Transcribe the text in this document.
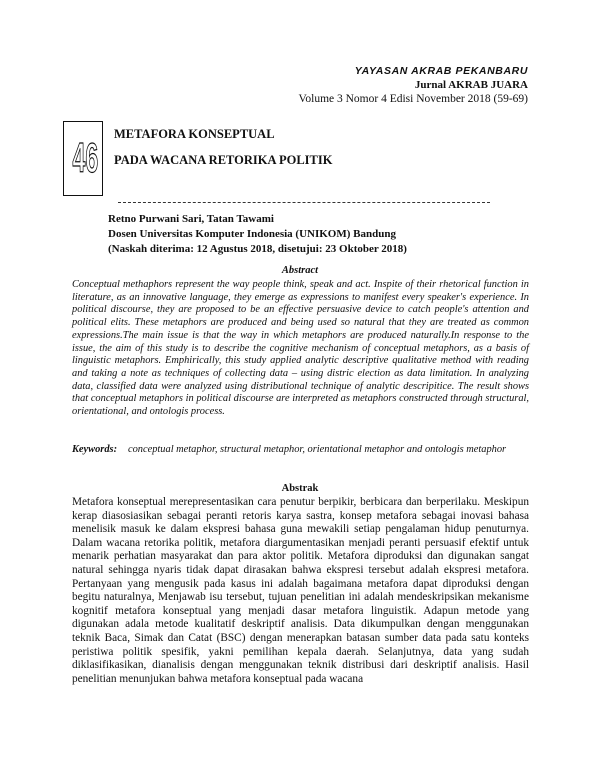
YAYASAN AKRAB PEKANBARU
Jurnal AKRAB JUARA
Volume 3 Nomor 4 Edisi November 2018 (59-69)
46 METAFORA KONSEPTUAL
PADA WACANA RETORIKA POLITIK
Retno Purwani Sari, Tatan Tawami
Dosen Universitas Komputer Indonesia (UNIKOM) Bandung
(Naskah diterima: 12 Agustus 2018, disetujui: 23 Oktober 2018)
Abstract

Conceptual methaphors represent the way people think, speak and act. Inspite of their rhetorical function in literature, as an innovative language, they emerge as expressions to manifest every speaker's experience. In political discourse, they are proposed to be an effective persuasive device to catch people's attention and political elits. These metaphors are produced and being used so natural that they are treated as common expressions.The main issue is that the way in which metaphors are produced naturally.In response to the issue, the aim of this study is to describe the cognitive mechanism of conceptual metaphors, as a basis of linguistic metaphors. Emphirically, this study applied analytic descriptive qualitative method with reading and taking a note as techniques of collecting data – using distric election as data limitation. In analyzing data, classified data were analyzed using distributional technique of analytic descripitice. The result shows that conceptual metaphors in political discourse are interpreted as metaphors constructed through structural, orientational, and ontologis process.

Keywords: conceptual metaphor, structural metaphor, orientational metaphor and ontologis metaphor
Abstrak

Metafora konseptual merepresentasikan cara penutur berpikir, berbicara dan berperilaku. Meskipun kerap diasosiasikan sebagai peranti retoris karya sastra, konsep metafora sebagai inovasi bahasa menelisik masuk ke dalam ekspresi bahasa guna mewakili setiap pengalaman hidup penuturnya. Dalam wacana retorika politik, metafora diargumentasikan menjadi peranti persuasif efektif untuk menarik perhatian masyarakat dan para aktor politik. Metafora diproduksi dan digunakan sangat natural sehingga nyaris tidak dapat dirasakan bahwa ekspresi tersebut adalah ekspresi metafora. Pertanyaan yang mengusik pada kasus ini adalah bagaimana metafora dapat diproduksi dengan begitu naturalnya, Menjawab isu tersebut, tujuan penelitian ini adalah mendeskripsikan mekanisme kognitif metafora konseptual yang menjadi dasar metafora linguistik. Adapun metode yang digunakan adala metode kualitatif deskriptif analisis. Data dikumpulkan dengan menggunakan teknik Baca, Simak dan Catat (BSC) dengan menerapkan batasan sumber data pada satu konteks peristiwa politik spesifik, yakni pemilihan kepala daerah. Selanjutnya, data yang sudah diklasifikasikan, dianalisis dengan menggunakan teknik distribusi dari deskriptif analisis. Hasil penelitian menunjukan bahwa metafora konseptual pada wacana
